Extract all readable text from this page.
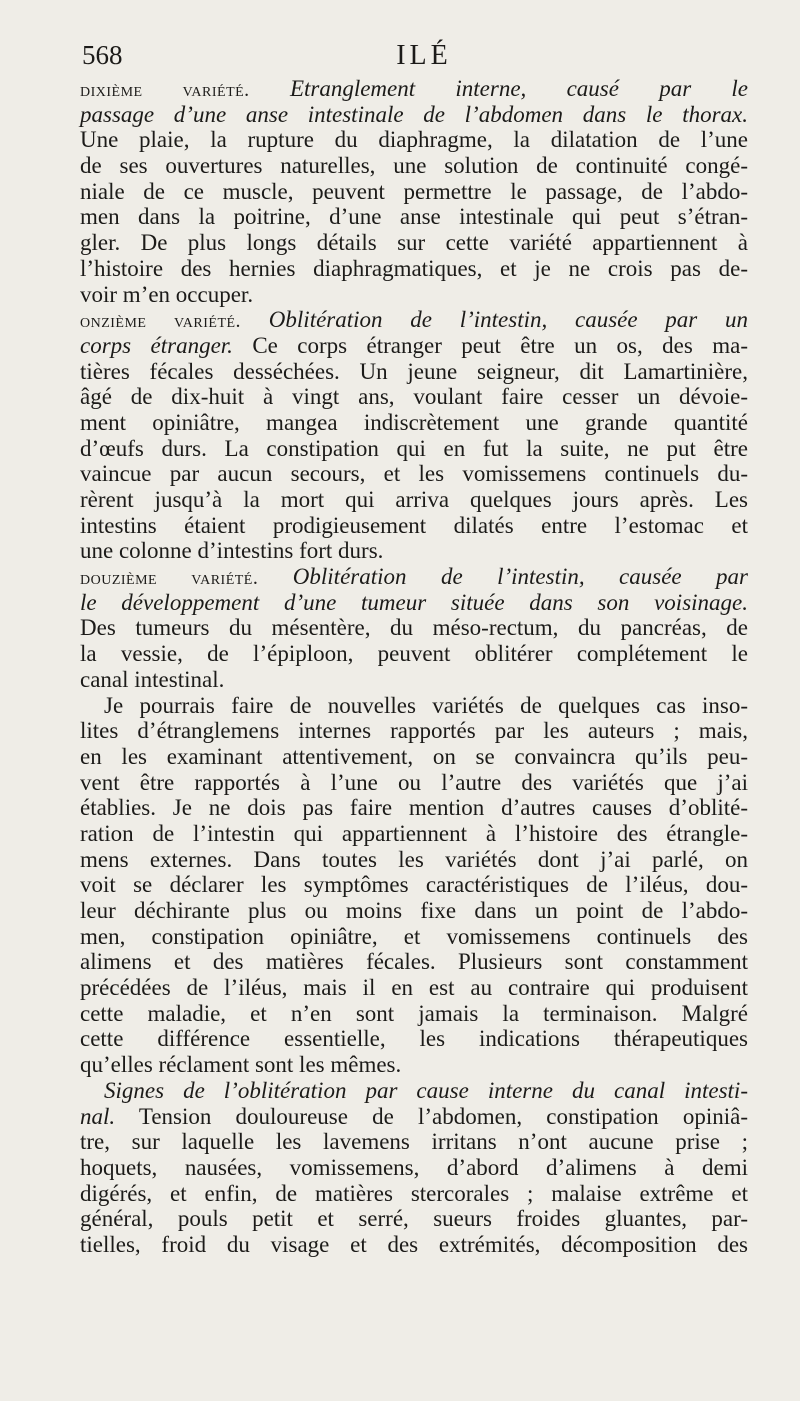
568	ILÉ
dixième variété. Etranglement interne, causé par le
passage d’une anse intestinale de l’abdomen dans le thorax.
Une plaie, la rupture du diaphragme, la dilatation de l’une
de ses ouvertures naturelles, une solution de continuité congé-
niale de ce muscle, peuvent permettre le passage, de l’abdo-
men dans la poitrine, d’une anse intestinale qui peut s’étran-
gler. De plus longs détails sur cette variété appartiennent à
l’histoire des hernies diaphragmatiques, et je ne crois pas de-
voir m’en occuper.
onzième variété. Oblitération de l’intestin, causée par un
corps étranger. Ce corps étranger peut être un os, des ma-
tières fécales desséchées. Un jeune seigneur, dit Lamartinière,
âgé de dix-huit à vingt ans, voulant faire cesser un dévoie-
ment opiniâtre, mangea indiscrètement une grande quantité
d’œufs durs. La constipation qui en fut la suite, ne put être
vaincue par aucun secours, et les vomissemens continuels du-
rèrent jusqu’à la mort qui arriva quelques jours après. Les
intestins étaient prodigieusement dilatés entre l’estomac et
une colonne d’intestins fort durs.
douzième variété. Oblitération de l’intestin, causée par
le développement d’une tumeur située dans son voisinage.
Des tumeurs du mésentère, du méso-rectum, du pancréas, de
la vessie, de l’épiploon, peuvent oblitérer complétement le
canal intestinal.
Je pourrais faire de nouvelles variétés de quelques cas inso-
lites d’étranglemens internes rapportés par les auteurs ; mais,
en les examinant attentivement, on se convaincra qu’ils peu-
vent être rapportés à l’une ou l’autre des variétés que j’ai
établies. Je ne dois pas faire mention d’autres causes d’oblité-
ration de l’intestin qui appartiennent à l’histoire des étrangle-
mens externes. Dans toutes les variétés dont j’ai parlé, on
voit se déclarer les symptômes caractéristiques de l’iléus, dou-
leur déchirante plus ou moins fixe dans un point de l’abdo-
men, constipation opiniâtre, et vomissemens continuels des
alimens et des matières fécales. Plusieurs sont constamment
précédées de l’iléus, mais il en est au contraire qui produisent
cette maladie, et n’en sont jamais la terminaison. Malgré
cette différence essentielle, les indications thérapeutiques
qu’elles réclament sont les mêmes.
Signes de l’oblitération par cause interne du canal intesti-
nal. Tension douloureuse de l’abdomen, constipation opiniâ-
tre, sur laquelle les lavemens irritans n’ont aucune prise ;
hoquets, nausées, vomissemens, d’abord d’alimens à demi
digérés, et enfin, de matières stercorales ; malaise extrême et
général, pouls petit et serré, sueurs froides gluantes, par-
tielles, froid du visage et des extrémités, décomposition des
